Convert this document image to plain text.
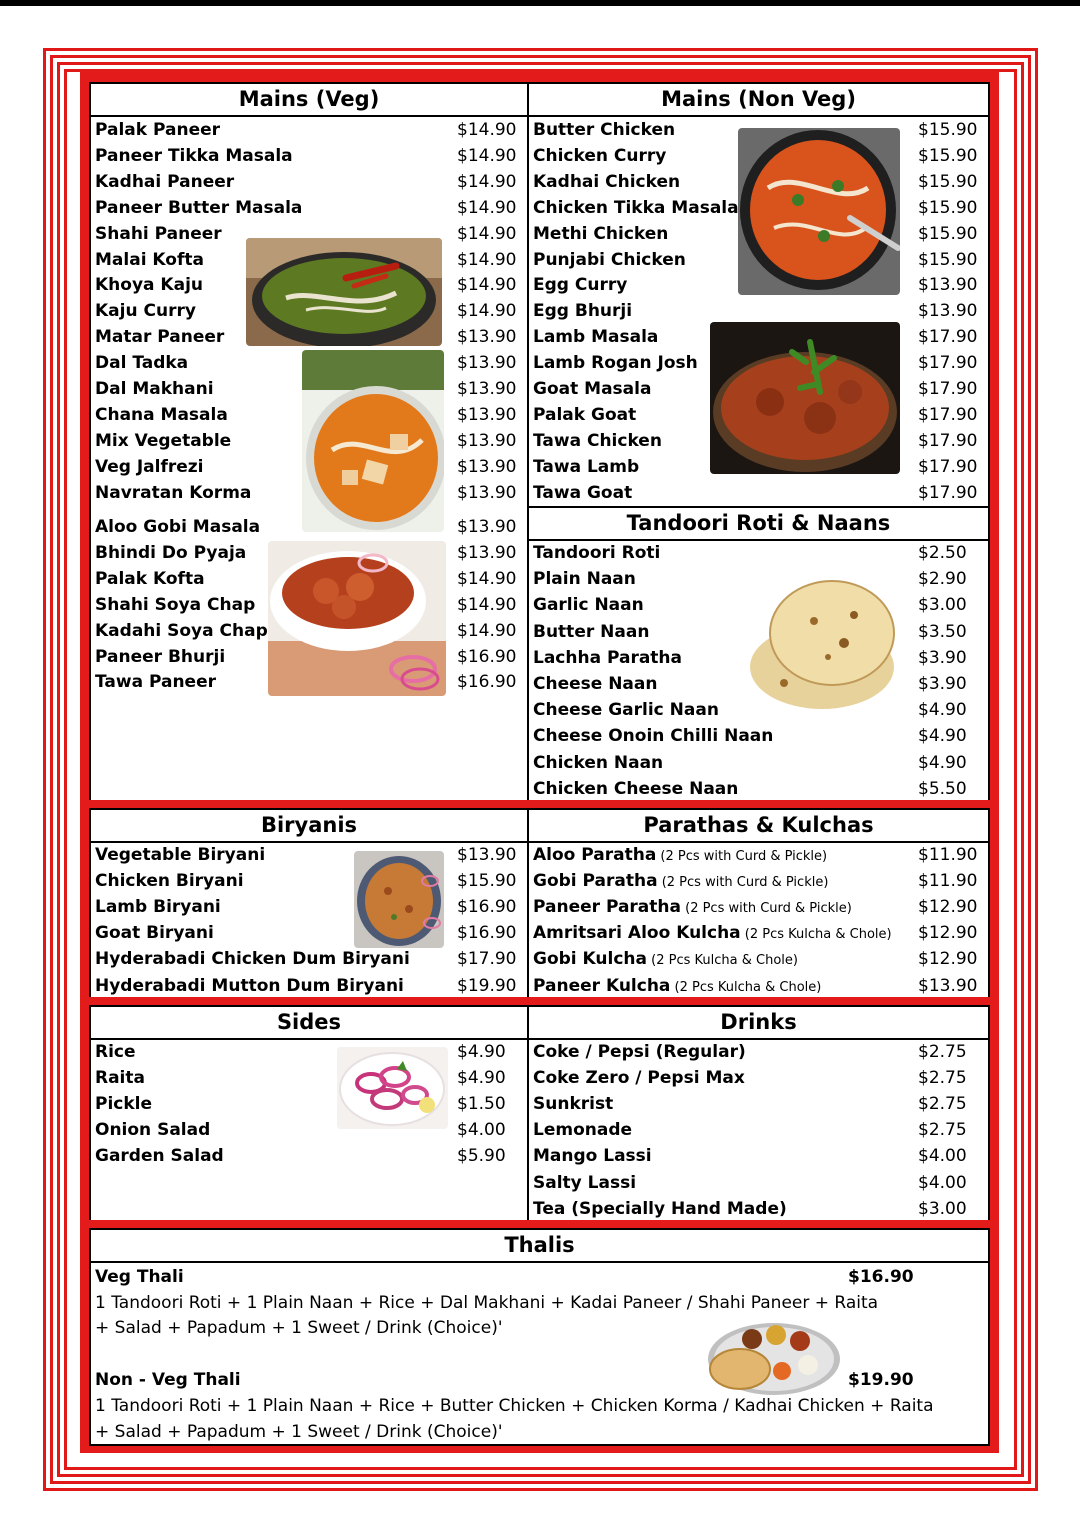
Mains (Veg)	Mains (Non Veg)
Tandoori Roti & Naans
Biryanis	Parathas & Kulchas
Sides	Drinks
Thalis
Palak Paneer	$14.90
Paneer Tikka Masala	$14.90
Kadhai Paneer	$14.90
Paneer Butter Masala	$14.90
Shahi Paneer	$14.90
Malai Kofta	$14.90
Khoya Kaju	$14.90
Kaju Curry	$14.90
Matar Paneer	$13.90
Dal Tadka	$13.90
Dal Makhani	$13.90
Chana Masala	$13.90
Mix Vegetable	$13.90
Veg Jalfrezi	$13.90
Navratan Korma	$13.90
Aloo Gobi Masala	$13.90
Bhindi Do Pyaja	$13.90
Palak Kofta	$14.90
Shahi Soya Chap	$14.90
Kadahi Soya Chap	$14.90
Paneer Bhurji	$16.90
Tawa Paneer	$16.90
Butter Chicken	$15.90
Chicken Curry	$15.90
Kadhai Chicken	$15.90
Chicken Tikka Masala	$15.90
Methi Chicken	$15.90
Punjabi Chicken	$15.90
Egg Curry	$13.90
Egg Bhurji	$13.90
Lamb Masala	$17.90
Lamb Rogan Josh	$17.90
Goat Masala	$17.90
Palak Goat	$17.90
Tawa Chicken	$17.90
Tawa Lamb	$17.90
Tawa Goat	$17.90
Tandoori Roti	$2.50
Plain Naan	$2.90
Garlic Naan	$3.00
Butter Naan	$3.50
Lachha Paratha	$3.90
Cheese Naan	$3.90
Cheese Garlic Naan	$4.90
Cheese Onoin Chilli Naan	$4.90
Chicken Naan	$4.90
Chicken Cheese Naan	$5.50
Vegetable Biryani	$13.90
Chicken Biryani	$15.90
Lamb Biryani	$16.90
Goat Biryani	$16.90
Hyderabadi Chicken Dum Biryani	$17.90
Hyderabadi Mutton Dum Biryani	$19.90
Aloo Paratha (2 Pcs with Curd & Pickle)	$11.90
Gobi Paratha (2 Pcs with Curd & Pickle)	$11.90
Paneer Paratha (2 Pcs with Curd & Pickle)	$12.90
Amritsari Aloo Kulcha (2 Pcs Kulcha & Chole) $12.90
Gobi Kulcha (2 Pcs Kulcha & Chole)	$12.90
Paneer Kulcha (2 Pcs Kulcha & Chole)	$13.90
Rice	$4.90
Raita	$4.90
Pickle	$1.50
Onion Salad	$4.00
Garden Salad	$5.90
Coke / Pepsi (Regular)	$2.75
Coke Zero / Pepsi Max	$2.75
Sunkrist	$2.75
Lemonade	$2.75
Mango Lassi	$4.00
Salty Lassi	$4.00
Tea (Specially Hand Made)	$3.00
Veg Thali	$16.90
1 Tandoori Roti + 1 Plain Naan + Rice + Dal Makhani + Kadai Paneer / Shahi Paneer + Raita
+ Salad + Papadum + 1 Sweet / Drink (Choice)'
Non - Veg Thali	$19.90
1 Tandoori Roti + 1 Plain Naan + Rice + Butter Chicken + Chicken Korma / Kadhai Chicken + Raita
+ Salad + Papadum + 1 Sweet / Drink (Choice)'
